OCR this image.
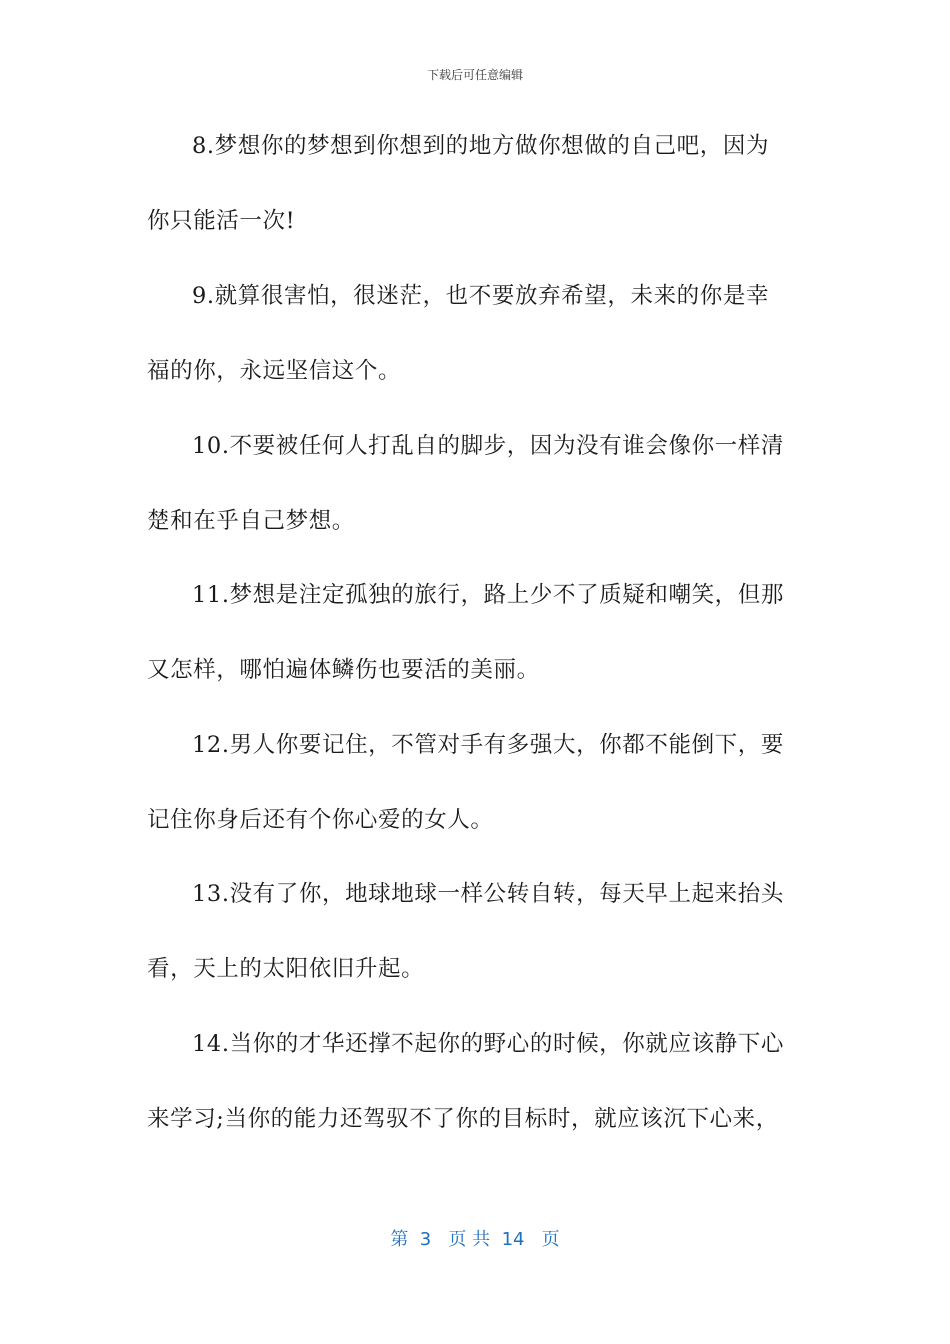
下载后可任意编辑
8.梦想你的梦想到你想到的地方做你想做的自己吧，因为
你只能活一次!
9.就算很害怕，很迷茫，也不要放弃希望，未来的你是幸
福的你，永远坚信这个。
10.不要被任何人打乱自的脚步，因为没有谁会像你一样清
楚和在乎自己梦想。
11.梦想是注定孤独的旅行，路上少不了质疑和嘲笑，但那
又怎样，哪怕遍体鳞伤也要活的美丽。
12.男人你要记住，不管对手有多强大，你都不能倒下，要
记住你身后还有个你心爱的女人。
13.没有了你，地球地球一样公转自转，每天早上起来抬头
看，天上的太阳依旧升起。
14.当你的才华还撑不起你的野心的时候，你就应该静下心
来学习;当你的能力还驾驭不了你的目标时，就应该沉下心来，
第  3   页 共  14   页
